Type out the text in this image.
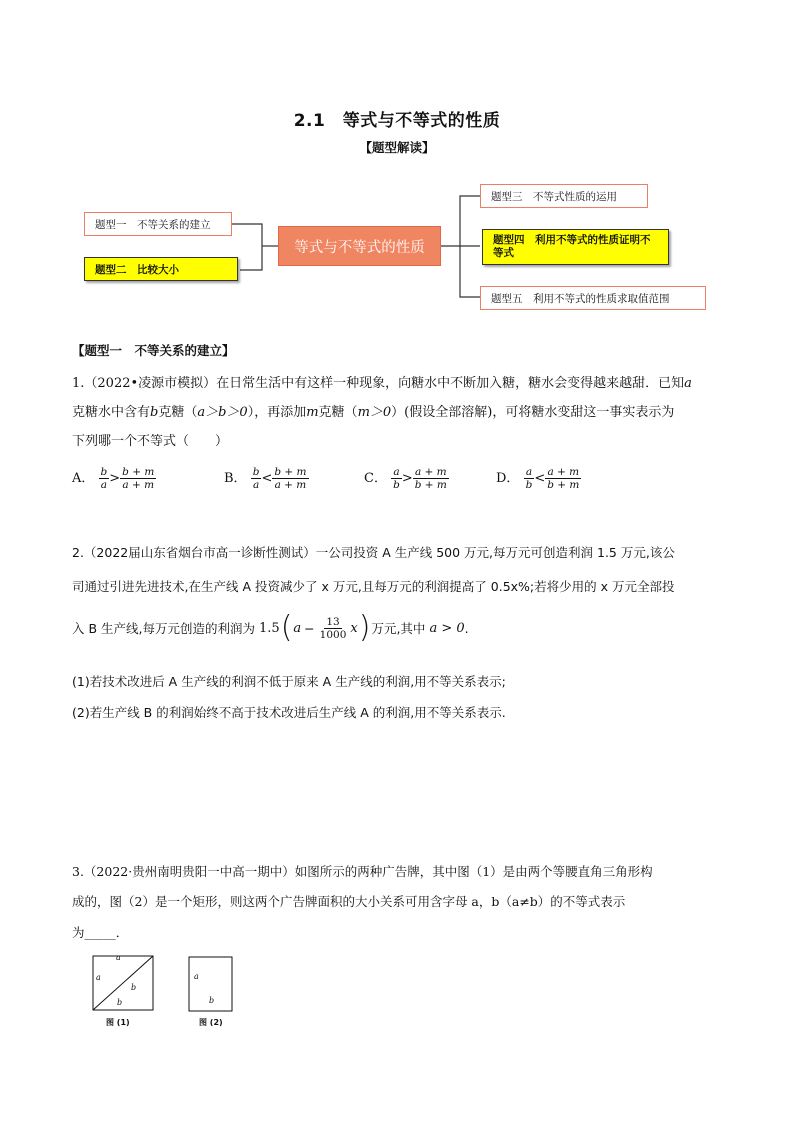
2.1　等式与不等式的性质
【题型解读】
题型一　不等关系的建立
题型二　比较大小
等式与不等式的性质
题型三　不等式性质的运用
题型四　利用不等式的性质证明不等式
题型五　利用不等式的性质求取值范围
【题型一　不等关系的建立】
1.（2022•凌源市模拟）在日常生活中有这样一种现象，向糖水中不断加入糖，糖水会变得越来越甜．已知a
克糖水中含有b克糖（a＞b＞0），再添加m克糖（m＞0）(假设全部溶解)，可将糖水变甜这一事实表示为
下列哪一个不等式（　　）
A． $\frac{b}{a} > \frac{b + m}{a + m}$	B． $\frac{b}{a} < \frac{b + m}{a + m}$	C． $\frac{a}{b} > \frac{a + m}{b + m}$	D． $\frac{a}{b} < \frac{a + m}{b + m}$
2.（2022届山东省烟台市高一诊断性测试）一公司投资 A 生产线 500 万元,每万元可创造利润 1.5 万元,该公
司通过引进先进技术,在生产线 A 投资减少了 x 万元,且每万元的利润提高了 0.5x%;若将少用的 x 万元全部投
入 B 生产线,每万元创造的利润为 1.5 ( $a - \frac{13}{1000}$ x ) 万元,其中 a > 0 .
(1)若技术改进后 A 生产线的利润不低于原来 A 生产线的利润,用不等关系表示;
(2)若生产线 B 的利润始终不高于技术改进后生产线 A 的利润,用不等关系表示.
3.（2022·贵州南明贵阳一中高一期中）如图所示的两种广告牌，其中图（1）是由两个等腰直角三角形构
成的，图（2）是一个矩形，则这两个广告牌面积的大小关系可用含字母 a，b（a≠b）的不等式表示
为_____．
a
a
b
b
图 (1)
a
b
图 (2)
